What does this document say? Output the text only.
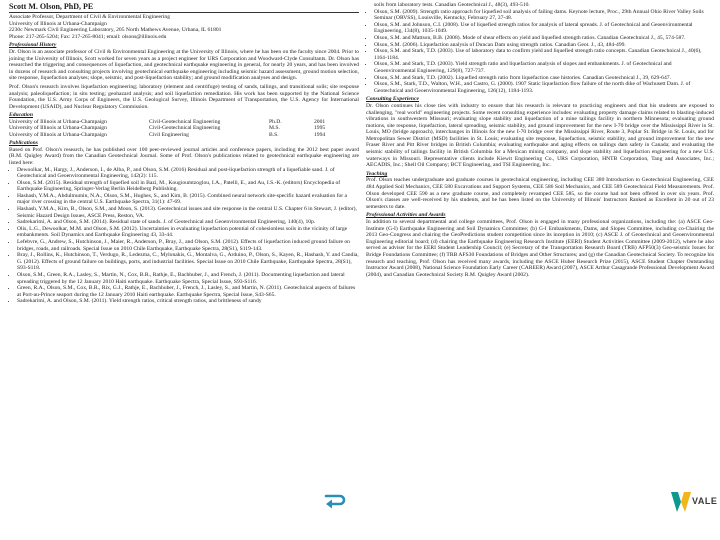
Scott M. Olson, PhD, PE
Associate Professor, Department of Civil & Environmental Engineering
University of Illinois at Urbana-Champaign
2230c Newmark Civil Engineering Laboratory, 205 North Mathews Avenue, Urbana, IL 61801
Phone: 217-265-5204; Fax: 217-265-8041; email: olsons@illinois.edu
Professional History

Dr. Olson is an associate professor of Civil & Environmental Engineering at the University of Illinois, where he has been on the faculty since 2004. Prior to joining the University of Illinois, Scott worked for seven years as a project engineer for URS Corporation and Woodward-Clyde Consultants. Dr. Olson has researched the triggering and consequences of liquefaction, and geotechnical earthquake engineering in general, for nearly 20 years, and has been involved in dozens of research and consulting projects involving geotechnical earthquake engineering including seismic hazard assessment, ground motion selection, site response, liquefaction analyses; slope, seismic, and post-liquefaction stability; and ground modification analyses and design.

Prof. Olson's research involves liquefaction engineering; laboratory (element and centrifuge) testing of sands, tailings, and transitional soils; site response analysis; paleoliquefaction; in situ testing; geohazard analysis; and soil liquefaction remediation. His work has been supported by the National Science Foundation, the U.S. Army Corps of Engineers, the U.S. Geological Survey, Illinois Department of Transportation, the U.S. Agency for International Development (USAID), and Nuclear Regulatory Commission.

Education
University of Illinois at Urbana-Champaign	Civil-Geotechnical Engineering	Ph.D.	2001
University of Illinois at Urbana-Champaign	Civil-Geotechnical Engineering	M.S.	1995
University of Illinois at Urbana-Champaign	Civil Engineering	B.S.	1994
Publications

Based on Prof. Olson's research, he has published over 100 peer-reviewed journal articles and conference papers, including the 2012 best paper award (R.M. Quigley Award) from the Canadian Geotechnical Journal. Some of Prof. Olson's publications related to geotechnical earthquake engineering are listed here:

• Dewoolkar, M., Hargy, J., Anderson, I., de Alba, P., and Olson, S.M. (2016) Residual and post-liquefaction strength of a liquefiable sand. J. of Geotechnical and Geoenvironmental Engineering, 142(2): 115.
• Olson, S.M. (2015). Residual strength of liquefied soil in Bazi, M., Kougioumtzoglou, I.A., Patelli, E., and Au, I.S.-K. (editors) Encyclopedia of Earthquake Engineering, Springer-Verlag Berlin Heidelberg Publishing.
• Hashash, Y.M.A., Abdulmumin, N.A., Olson, S.M., Hughes, S., and Kim, B. (2015). Combined neural network site-specific hazard evaluation for a major river crossing in the central U.S. Earthquake Spectra, 31(1): 47-69.
• Hashash, Y.M.A., Kim, B., Olson, S.M., and Moon, S. (2013). Geotechnical issues and site response in the central U.S. Chapter 6 in Stewart, J. (editor), Seismic Hazard Design Issues, ASCE Press, Reston, VA.
• Sadrekarimi, A. and Olson, S.M. (2014). Residual state of sands. J. of Geotechnical and Geoenvironmental Engineering, 140(4), 10p.
• Olis, L.G., Dewoolkar, M.M. and Olson, S.M. (2012). Uncertainties in evaluating liquefaction potential of cohesionless soils in the vicinity of large embankments. Soil Dynamics and Earthquake Engineering 43, 33-44.
• Lefebvre, G., Andrew, S., Hutchinson, J., Maier, R., Anderson, P., Bray, J., and Olson, S.M. (2012). Effects of liquefaction induced ground failure on bridges, roads, and railroads. Special Issue on 2010 Chile Earthquake, Earthquake Spectra, 28(S1), S119-143.
• Bray, J., Rollins, K., Hutchinson, T., Verdugo, R., Ledezma, C., Mylonakis, G., Montalva, G., Arduino, P., Olson, S., Kayen, R., Hashash, Y. and Candia, G. (2012). Effects of ground failure on buildings, ports, and industrial facilities. Special Issue on 2010 Chile Earthquake, Earthquake Spectra, 28(S1), S93-S118.
• Olson, S.M., Green, R.A., Lasley, S., Martin, N., Cox, B.R., Rathje, E., Bachhuber, J., and French, J. (2011). Documenting liquefaction and lateral spreading triggered by the 12 January 2010 Haiti earthquake. Earthquake Spectra, Special Issue, S93-S116.
• Green, R.A., Olson, S.M., Cox, B.R., Rix, G.J., Rathje, E., Bachhuber, J., French, J., Lasley, S., and Martin, N. (2011). Geotechnical aspects of failures at Port-au-Prince seaport during the 12 January 2010 Haiti earthquake. Earthquake Spectra, Special Issue, S43-S65.
• Sadrekarimi, A. and Olson, S.M. (2011). Yield strength ratios, critical strength ratios, and brittleness of sandy
soils from laboratory tests. Canadian Geotechnical J., 48(3), 493-510.
• Olson, S.M. (2009). Strength ratio approach for liquefied soil analysis of failing dams. Keynote lecture, Proc., 29th Annual Ohio River Valley Soils Seminar (ORVSS), Louisville, Kentucky, February 27, 37-48.
• Olson, S.M. and Johnson, C.I. (2008). Use of liquefied strength ratios for analysis of lateral spreads. J. of Geotechnical and Geoenvironmental Engineering, 134(8), 1035-1049.
• Olson, S.M. and Mattson, B.B. (2008). Mode of shear effects on yield and liquefied strength ratios. Canadian Geotechnical J., 45, 574-587.
• Olson, S.M. (2006). Liquefaction analysis of Duncan Dam using strength ratios. Canadian Geot. J., 43, 484-499.
• Olson, S.M. and Stark, T.D. (2003). Use of laboratory data to confirm yield and liquefied strength ratio concepts. Canadian Geotechnical J., 40(6), 1164-1184.
• Olson, S.M. and Stark, T.D. (2003). Yield strength ratio and liquefaction analysis of slopes and embankments. J. of Geotechnical and Geoenvironmental Engineering, 129(8), 727-737.
• Olson, S.M. and Stark, T.D. (2002). Liquefied strength ratio from liquefaction case histories. Canadian Geotechnical J., 39, 629-647.
• Olson, S.M., Stark, T.D., Walton, W.H., and Castro, G. (2000). 1907 Static liquefaction flow failure of the north dike of Wachusett Dam. J. of Geotechnical and Geoenvironmental Engineering, 126(12), 1184-1193.
Consulting Experience

Dr. Olson continues his close ties with industry to ensure that his research is relevant to practicing engineers and that his students are exposed to challenging, "real world" engineering projects. Some recent consulting experience includes: evaluating property damage claims related to blasting-induced vibrations in southwestern Missouri; evaluating slope stability and liquefaction of a mine tailings facility in northern Minnesota; evaluating ground motions, site response, liquefaction, lateral spreading, seismic stability, and ground improvement for the new I-70 bridge over the Mississippi River in St. Louis, MO (bridge approach), interchanges in Illinois for the new I-70 bridge over the Mississippi River, Route 3, Poplar St. Bridge in St. Louis, and for Metropolitan Sewer District (MSD) facilities in St. Louis; evaluating site response, liquefaction, seismic stability, and ground improvement for the new Fraser River and Pitt River bridges in British Columbia; evaluating earthquake and aging effects on tailings dam safety in Canada; and evaluating the seismic stability of tailings facility in British Columbia for a Mexican mining company, and slope stability and liquefaction engineering for a new U.S. waterways in Missouri. Representative clients include Kiewit Engineering Co., URS Corporation, HNTB Corporation, Tang and Associates, Inc.; AECADIS, Inc.; Shell Oil Company; BCT Engineering, and TSI Engineering, Inc.

Teaching

Prof. Olson teaches undergraduate and graduate courses in geotechnical engineering, including CEE 380 Introduction to Geotechnical Engineering, CEE 484 Applied Soil Mechanics, CEE 580 Excavations and Support Systems, CEE 586 Soil Mechanics, and CEE 589 Geotechnical Field Measurements. Prof. Olson developed CEE 590 as a new graduate course, and completely revamped CEE 585, so the course had not been offered in over six years. Prof. Olson's classes are well-received by his students, and he has been listed on the University of Illinois' Instructors Ranked as Excellent in 20 out of 23 semesters to date.

Professional Activities and Awards

In addition to several departmental and college committees, Prof. Olson is engaged in many professional organizations, including the: (a) ASCE Geo-Institute (G-I) Earthquake Engineering and Soil Dynamics Committee; (b) G-I Embankments, Dams, and Slopes Committee, including co-Chairing the 2013 Geo-Congress and chairing the GeoPredictions student competition since its inception in 2010; (c) ASCE J. of Geotechnical and Geoenvironmental Engineering editorial board; (d) chairing the Earthquake Engineering Research Institute (EERI) Student Activities Committee (2009-2012), where he also served as adviser for the EERI Student Leadership Council; (e) Secretary of the Transportation Research Board (TRB) AFP50(3) Geo-seismic Issues for Bridge Foundations Committee; (f) TRB AFS30 Foundations of Bridges and Other Structures; and (g) the Canadian Geotechnical Society. To recognize his research and teaching, Prof. Olson has received many awards, including the ASCE Huber Research Prize (2015), ASCE Student Chapter Outstanding Instructor Award (2008), National Science Foundation Early Career (CAREER) Award (2007), ASCE Arthur Casagrande Professional Development Award (2004), and Canadian Geotechnical Society R.M. Quigley Award (2002).

VALE
